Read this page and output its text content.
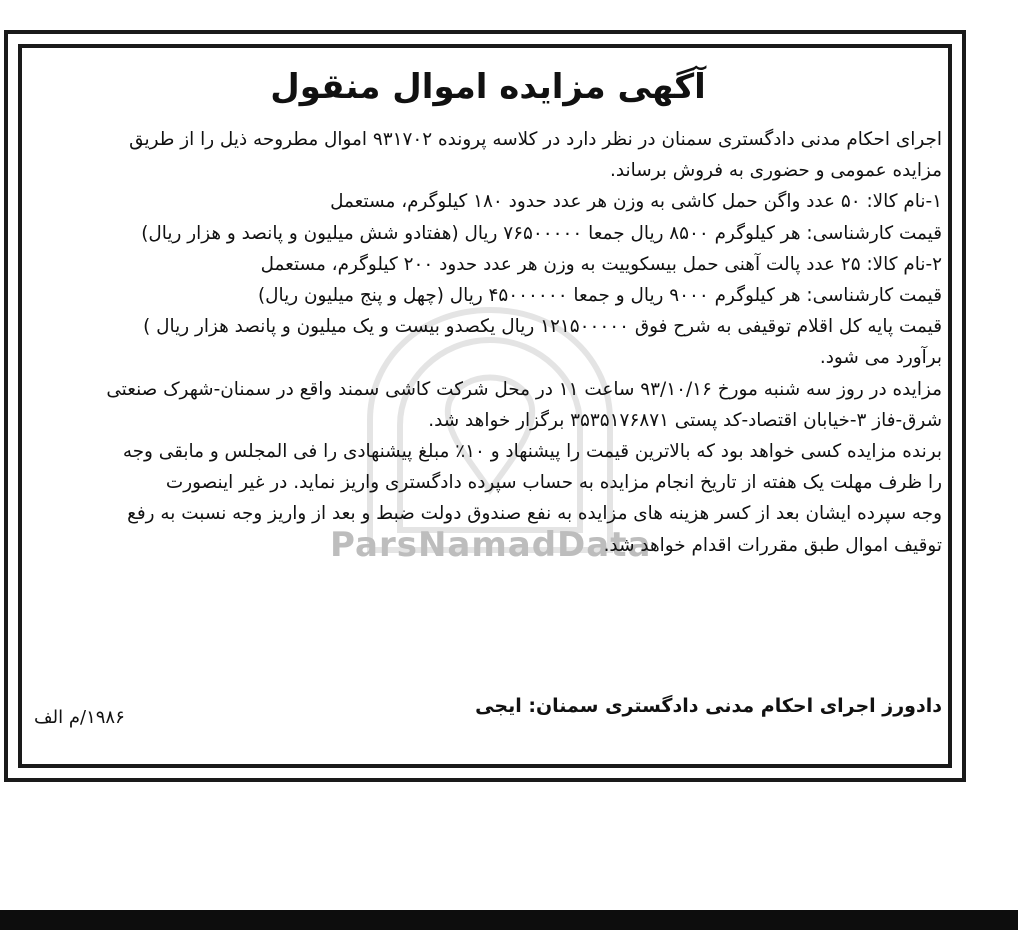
ParsNamadData
آگهی مزایده اموال منقول
اجرای احکام مدنی دادگستری سمنان در نظر دارد در کلاسه پرونده ۹۳۱۷۰۲ اموال مطروحه ذیل را از طریق
مزایده عمومی و حضوری به فروش برساند.
۱-نام کالا: ۵۰ عدد واگن حمل کاشی به وزن هر عدد حدود ۱۸۰ کیلوگرم، مستعمل
قیمت کارشناسی: هر کیلوگرم ۸۵۰۰ ریال جمعا ۷۶۵۰۰۰۰۰ ریال (هفتادو شش میلیون و پانصد و هزار ریال)
۲-نام کالا: ۲۵ عدد پالت آهنی حمل بیسکوییت به وزن هر عدد حدود ۲۰۰ کیلوگرم، مستعمل
قیمت کارشناسی: هر کیلوگرم ۹۰۰۰ ریال و جمعا ۴۵۰۰۰۰۰۰ ریال (چهل و پنج میلیون ریال)
قیمت پایه کل اقلام توقیفی به شرح فوق ۱۲۱۵۰۰۰۰۰ ریال یکصدو بیست و یک میلیون و پانصد هزار ریال )
برآورد می شود.
مزایده در روز سه شنبه مورخ ۹۳/۱۰/۱۶ ساعت ۱۱ در محل شرکت کاشی سمند واقع در سمنان-شهرک صنعتی
شرق-فاز ۳-خیابان اقتصاد-کد پستی ۳۵۳۵۱۷۶۸۷۱ برگزار خواهد شد.
برنده مزایده کسی خواهد بود که بالاترین قیمت را پیشنهاد و ۱۰٪ مبلغ پیشنهادی را فی المجلس و مابقی وجه
را ظرف مهلت یک هفته از تاریخ انجام مزایده به حساب سپرده دادگستری واریز نماید. در غیر اینصورت
وجه سپرده ایشان بعد از کسر هزینه های مزایده به نفع صندوق دولت ضبط و بعد از واریز وجه نسبت به رفع
توقیف اموال طبق مقررات اقدام خواهد شد.
دادورز اجرای احکام مدنی دادگستری سمنان: ایجی
۱۹۸۶/م الف
